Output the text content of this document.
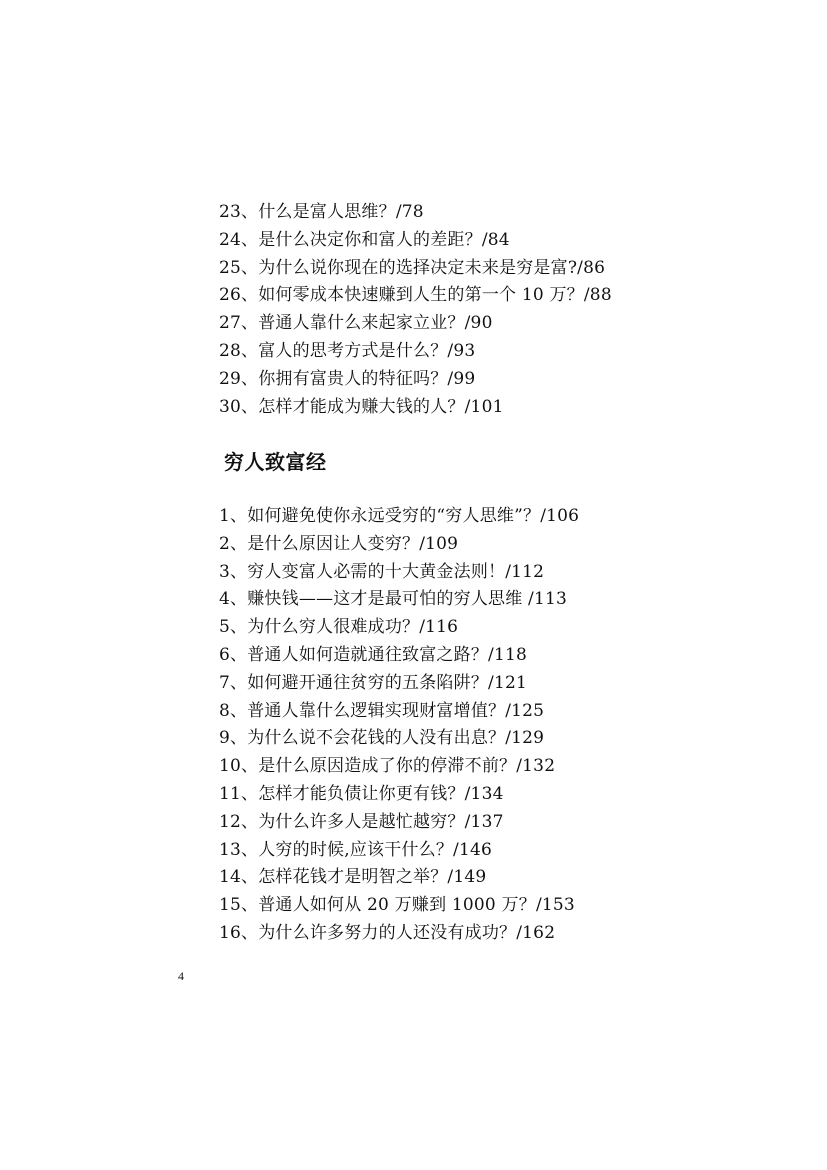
23、什么是富人思维？/78
24、是什么决定你和富人的差距？/84
25、为什么说你现在的选择决定未来是穷是富?/86
26、如何零成本快速赚到人生的第一个 10 万？/88
27、普通人靠什么来起家立业？/90
28、富人的思考方式是什么？/93
29、你拥有富贵人的特征吗？/99
30、怎样才能成为赚大钱的人？/101
穷人致富经
1、如何避免使你永远受穷的“穷人思维”？/106
2、是什么原因让人变穷？/109
3、穷人变富人必需的十大黄金法则！/112
4、赚快钱——这才是最可怕的穷人思维 /113
5、为什么穷人很难成功？/116
6、普通人如何造就通往致富之路？/118
7、如何避开通往贫穷的五条陷阱？/121
8、普通人靠什么逻辑实现财富增值？/125
9、为什么说不会花钱的人没有出息？/129
10、是什么原因造成了你的停滞不前？/132
11、怎样才能负债让你更有钱？/134
12、为什么许多人是越忙越穷？/137
13、人穷的时候,应该干什么？/146
14、怎样花钱才是明智之举？/149
15、普通人如何从 20 万赚到 1000 万？/153
16、为什么许多努力的人还没有成功？/162
4
